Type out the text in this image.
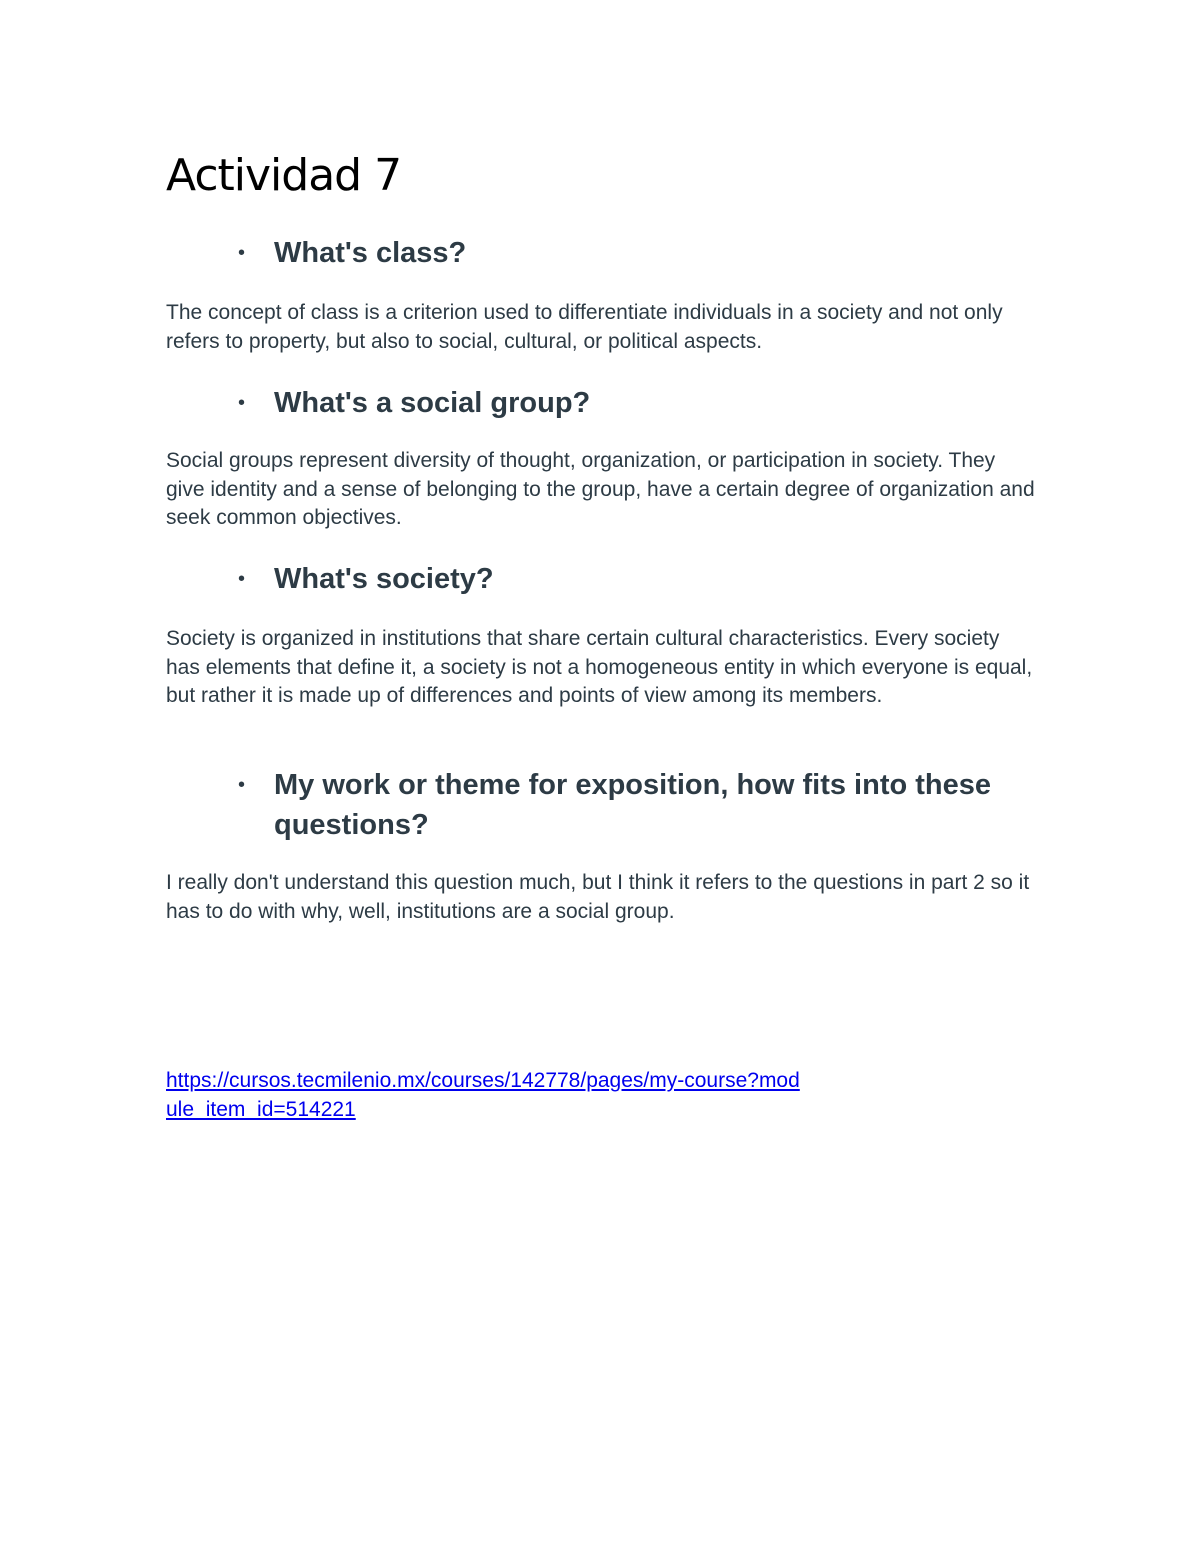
Actividad 7
• What's class?

The concept of class is a criterion used to differentiate individuals in a society and not only refers to property, but also to social, cultural, or political aspects.

• What's a social group?

Social groups represent diversity of thought, organization, or participation in society. They give identity and a sense of belonging to the group, have a certain degree of organization and seek common objectives.

• What's society?

Society is organized in institutions that share certain cultural characteristics. Every society has elements that define it, a society is not a homogeneous entity in which everyone is equal, but rather it is made up of differences and points of view among its members.

• My work or theme for exposition, how fits into these questions?

I really don't understand this question much, but I think it refers to the questions in part 2 so it has to do with why, well, institutions are a social group.

https://cursos.tecmilenio.mx/courses/142778/pages/my-course?module_item_id=514221
